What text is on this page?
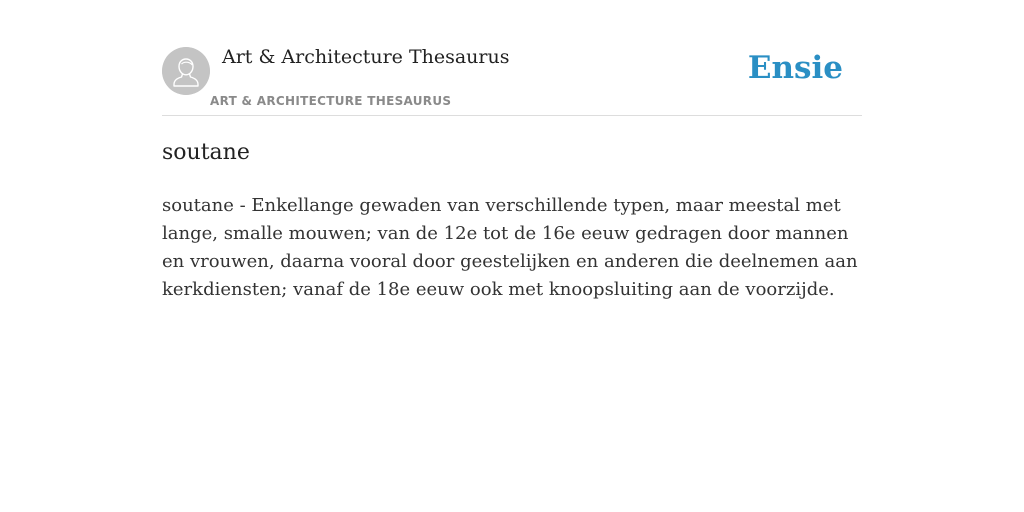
Art & Architecture Thesaurus
ART & ARCHITECTURE THESAURUS
Ensie
soutane

soutane - Enkellange gewaden van verschillende typen, maar meestal met lange, smalle mouwen; van de 12e tot de 16e eeuw gedragen door mannen en vrouwen, daarna vooral door geestelijken en anderen die deelnemen aan kerkdiensten; vanaf de 18e eeuw ook met knoopsluiting aan de voorzijde.
